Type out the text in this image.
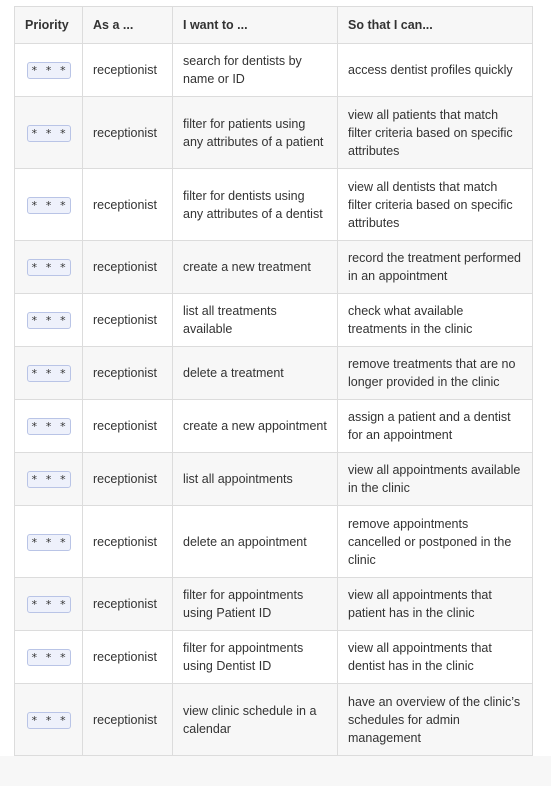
Priority	As a ...	I want to ...	So that I can...
* * *	receptionist	search for dentists by name or ID	access dentist profiles quickly
* * *	receptionist	filter for patients using any attributes of a patient	view all patients that match filter criteria based on specific attributes
* * *	receptionist	filter for dentists using any attributes of a dentist	view all dentists that match filter criteria based on specific attributes
* * *	receptionist	create a new treatment	record the treatment performed in an appointment
* * *	receptionist	list all treatments available	check what available treatments in the clinic
* * *	receptionist	delete a treatment	remove treatments that are no longer provided in the clinic
* * *	receptionist	create a new appointment	assign a patient and a dentist for an appointment
* * *	receptionist	list all appointments	view all appointments available in the clinic
* * *	receptionist	delete an appointment	remove appointments cancelled or postponed in the clinic
* * *	receptionist	filter for appointments using Patient ID	view all appointments that patient has in the clinic
* * *	receptionist	filter for appointments using Dentist ID	view all appointments that dentist has in the clinic
* * *	receptionist	view clinic schedule in a calendar	have an overview of the clinic’s schedules for admin management
